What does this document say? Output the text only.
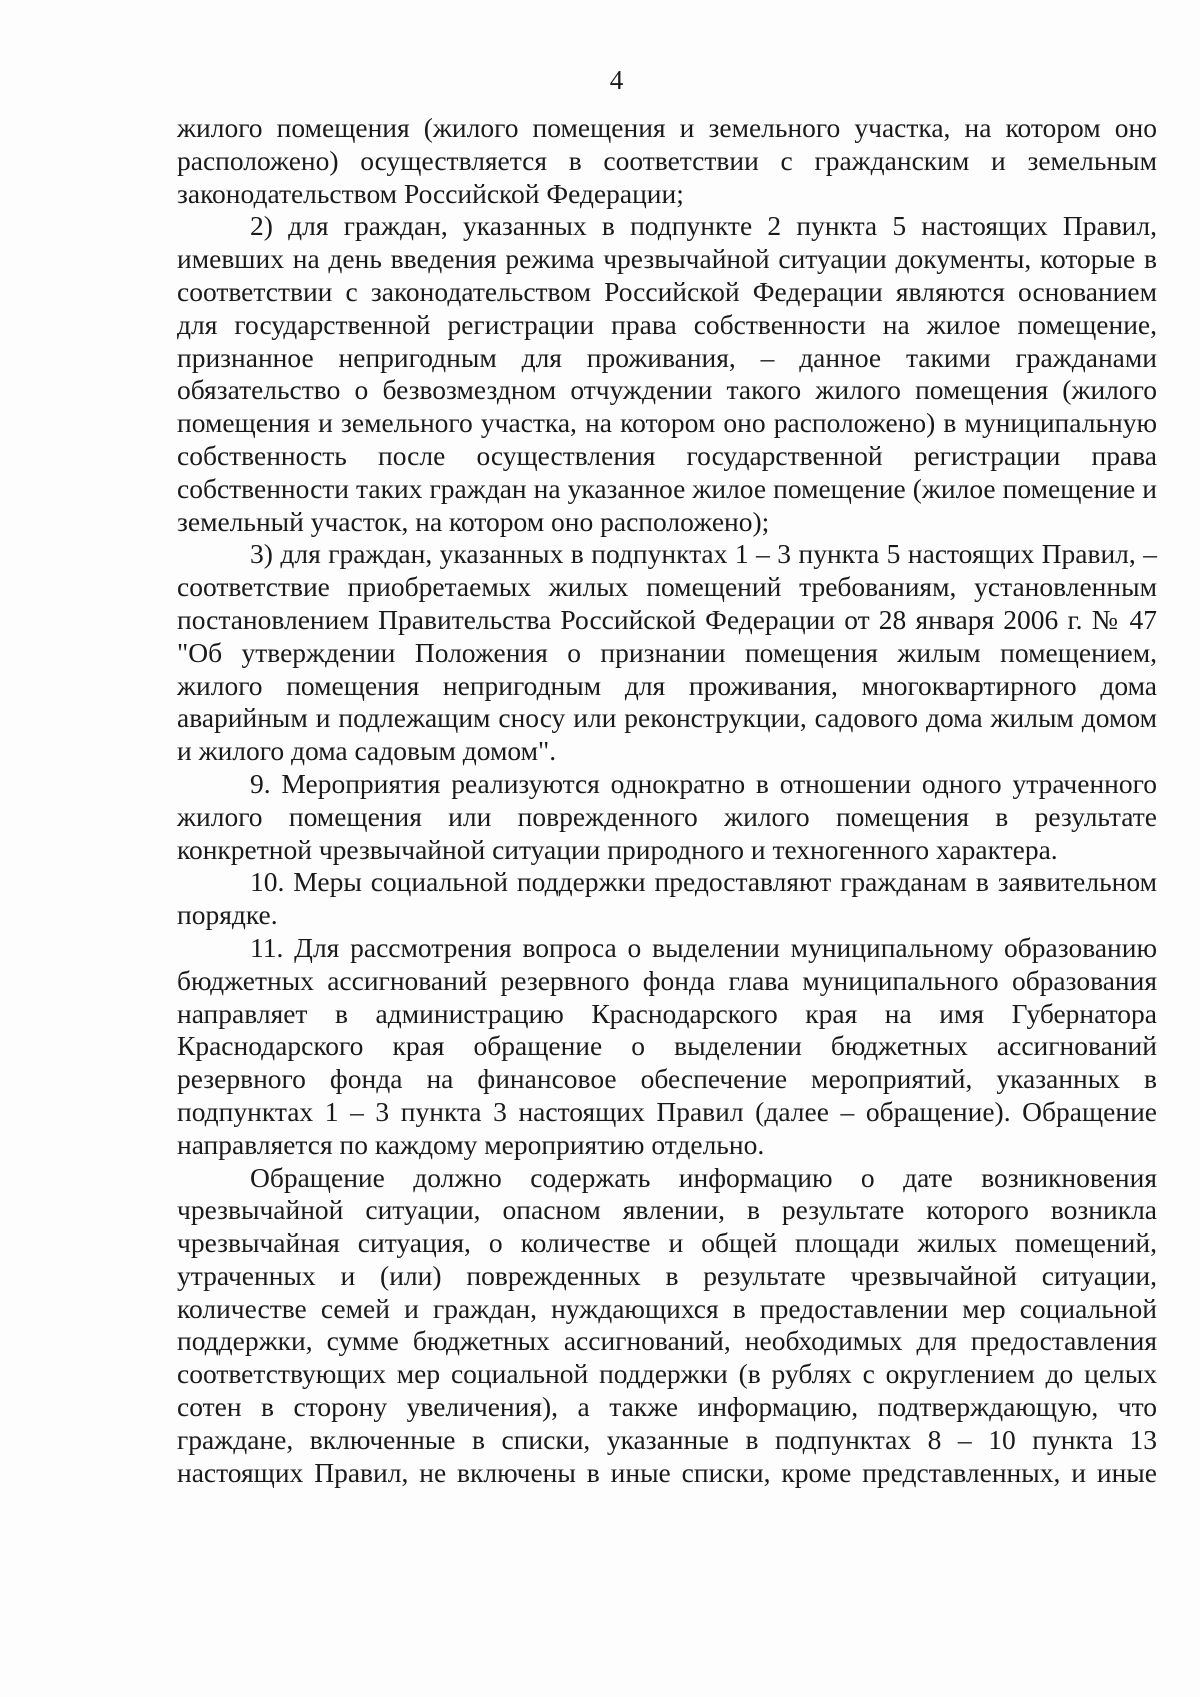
4

жилого помещения (жилого помещения и земельного участка, на котором оно расположено) осуществляется в соответствии с гражданским и земельным законодательством Российской Федерации;

2) для граждан, указанных в подпункте 2 пункта 5 настоящих Правил, имевших на день введения режима чрезвычайной ситуации документы, которые в соответствии с законодательством Российской Федерации являются основанием для государственной регистрации права собственности на жилое помещение, признанное непригодным для проживания, – данное такими гражданами обязательство о безвозмездном отчуждении такого жилого помещения (жилого помещения и земельного участка, на котором оно расположено) в муниципальную собственность после осуществления государственной регистрации права собственности таких граждан на указанное жилое помещение (жилое помещение и земельный участок, на котором оно расположено);

3) для граждан, указанных в подпунктах 1 – 3 пункта 5 настоящих Правил, – соответствие приобретаемых жилых помещений требованиям, установленным постановлением Правительства Российской Федерации от 28 января 2006 г. № 47 "Об утверждении Положения о признании помещения жилым помещением, жилого помещения непригодным для проживания, многоквартирного дома аварийным и подлежащим сносу или реконструкции, садового дома жилым домом и жилого дома садовым домом".

9. Мероприятия реализуются однократно в отношении одного утраченного жилого помещения или поврежденного жилого помещения в результате конкретной чрезвычайной ситуации природного и техногенного характера.

10. Меры социальной поддержки предоставляют гражданам в заявительном порядке.

11. Для рассмотрения вопроса о выделении муниципальному образованию бюджетных ассигнований резервного фонда глава муниципального образования направляет в администрацию Краснодарского края на имя Губернатора Краснодарского края обращение о выделении бюджетных ассигнований резервного фонда на финансовое обеспечение мероприятий, указанных в подпунктах 1 – 3 пункта 3 настоящих Правил (далее – обращение). Обращение направляется по каждому мероприятию отдельно.

Обращение должно содержать информацию о дате возникновения чрезвычайной ситуации, опасном явлении, в результате которого возникла чрезвычайная ситуация, о количестве и общей площади жилых помещений, утраченных и (или) поврежденных в результате чрезвычайной ситуации, количестве семей и граждан, нуждающихся в предоставлении мер социальной поддержки, сумме бюджетных ассигнований, необходимых для предоставления соответствующих мер социальной поддержки (в рублях с округлением до целых сотен в сторону увеличения), а также информацию, подтверждающую, что граждане, включенные в списки, указанные в подпунктах 8 – 10 пункта 13 настоящих Правил, не включены в иные списки, кроме представленных, и иные
